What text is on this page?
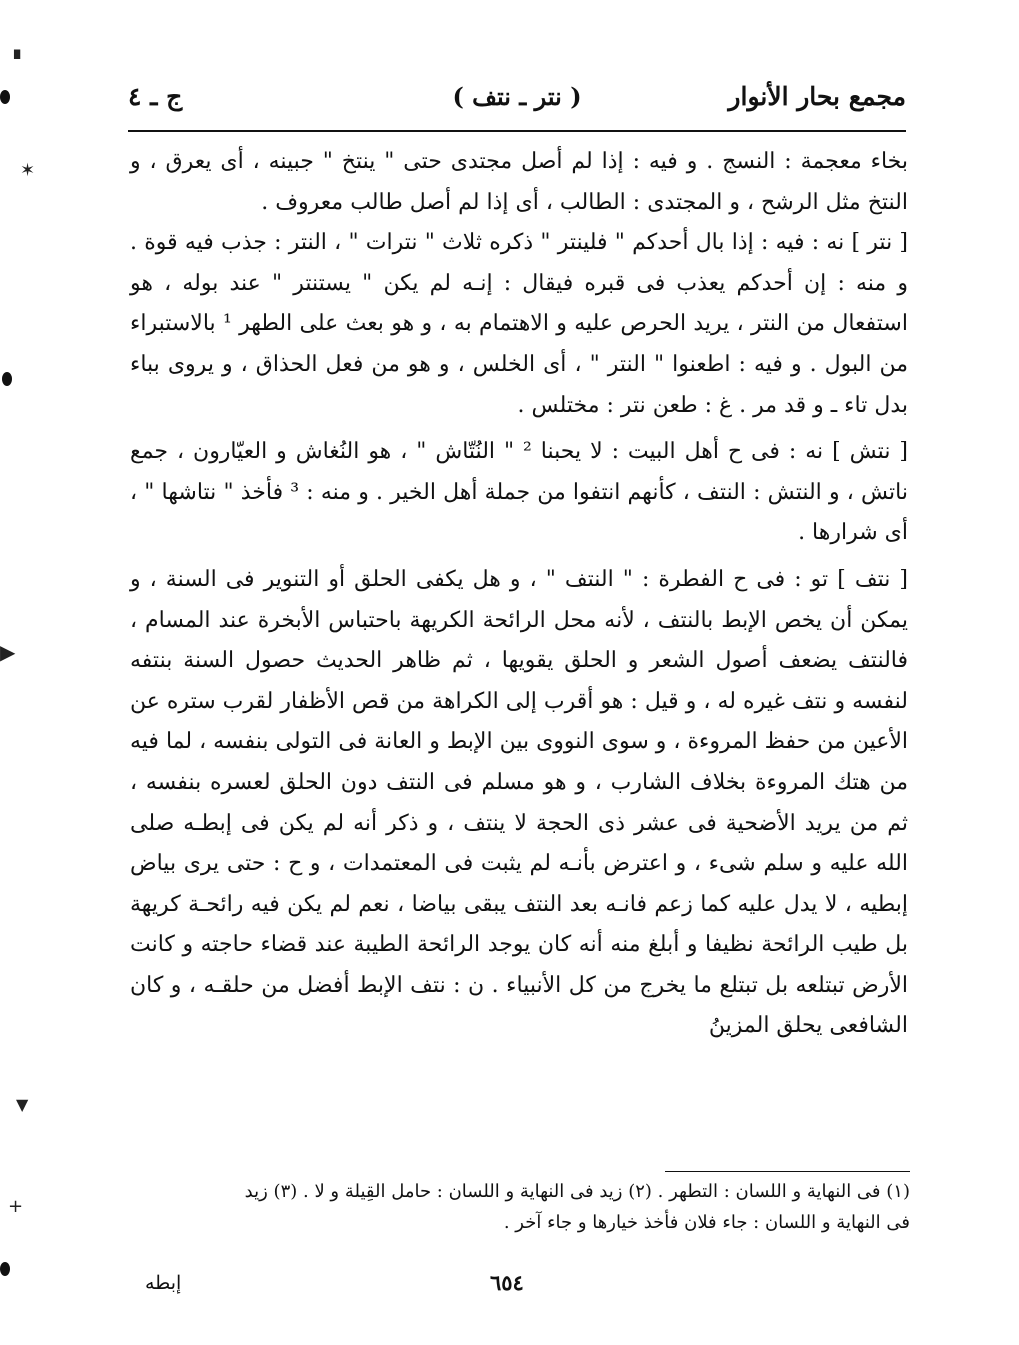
مجمع بحار الأنوار
( نتر ـ نتف )
ج ـ ٤

بخاء معجمة : النسج . و فيه : إذا لم أصل مجتدى حتى " ينتخ " جبينه ، أى يعرق ، و النتخ مثل الرشح ، و المجتدى : الطالب ، أى إذا لم أصل طالب معروف .

[ نتر ] نه : فيه : إذا بال أحدكم " فلينتر " ذكره ثلاث " نترات " ، النتر : جذب فيه قوة . و منه : إن أحدكم يعذب فى قبره فيقال : إنـه لم يكن " يستنتر " عند بوله ، هو استفعال من النتر ، يريد الحرص عليه و الاهتمام به ، و هو بعث على الطهر ¹ بالاستبراء من البول . و فيه : اطعنوا " النتر " ، أى الخلس ، و هو من فعل الحذاق ، و يروى بباء بدل تاء ـ و قد مر . غ : طعن نتر : مختلس .

[ نتش ] نه : فى ح أهل البيت : لا يحبنا ² " النُتّاش " ، هو النُغاش و العيّارون ، جمع ناتش ، و النتش : النتف ، كأنهم انتفوا من جملة أهل الخير . و منه : ³ فأخذ " نتاشها " ، أى شرارها .

[ نتف ] تو : فى ح الفطرة : " النتف " ، و هل يكفى الحلق أو التنوير فى السنة ، و يمكن أن يخص الإبط بالنتف ، لأنه محل الرائحة الكريهة باحتباس الأبخرة عند المسام ، فالنتف يضعف أصول الشعر و الحلق يقويها ، ثم ظاهر الحديث حصول السنة بنتفه لنفسه و نتف غيره له ، و قيل : هو أقرب إلى الكراهة من قص الأظفار لقرب ستره عن الأعين من حفظ المروءة ، و سوى النووى بين الإبط و العانة فى التولى بنفسه ، لما فيه من هتك المروءة بخلاف الشارب ، و هو مسلم فى النتف دون الحلق لعسره بنفسه ، ثم من يريد الأضحية فى عشر ذى الحجة لا ينتف ، و ذكر أنه لم يكن فى إبطـه صلى الله عليه و سلم شىء ، و اعترض بأنـه لم يثبت فى المعتمدات ، و ح : حتى يرى بياض إبطيه ، لا يدل عليه كما زعم فانـه بعد النتف يبقى بياضا ، نعم لم يكن فيه رائحـة كريهة بل طيب الرائحة نظيفا و أبلغ منه أنه كان يوجد الرائحة الطيبة عند قضاء حاجته و كانت الأرض تبتلعه بل تبتلع ما يخرج من كل الأنبياء . ن : نتف الإبط أفضل من حلقـه ، و كان الشافعى يحلق المزينُ

(١) فى النهاية و اللسان : التطهر . (٢) زيد فى النهاية و اللسان : حامل القِيلة و لا . (٣) زيد

فى النهاية و اللسان : جاء فلان فأخذ خيارها و جاء آخر .

إبطه	٦٥٤
▖
✶
▶
▼
+
